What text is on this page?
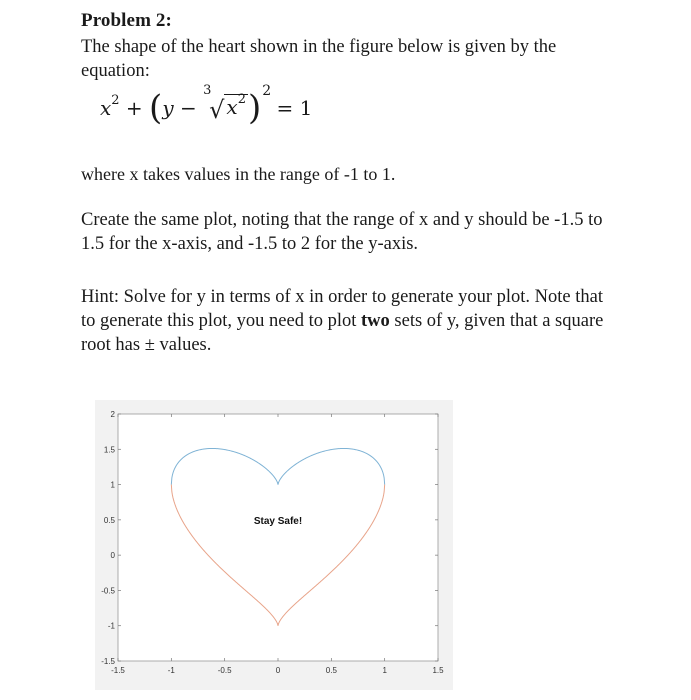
Problem 2:
The shape of the heart shown in the figure below is given by the equation:
$x^2 + (y$ −
3
√ $x^2)^2 = 1$
where x takes values in the range of -1 to 1.
Create the same plot, noting that the range of x and y should be -1.5 to 1.5 for the x-axis, and -1.5 to 2 for the y-axis.
Hint: Solve for y in terms of x in order to generate your plot. Note that to generate this plot, you need to plot two sets of y, given that a square root has ± values.
-1.5	-1	-0.5	0	0.5	1	1.5
-1.5
-1
-0.5
0
0.5
1
1.5
2
Stay Safe!
